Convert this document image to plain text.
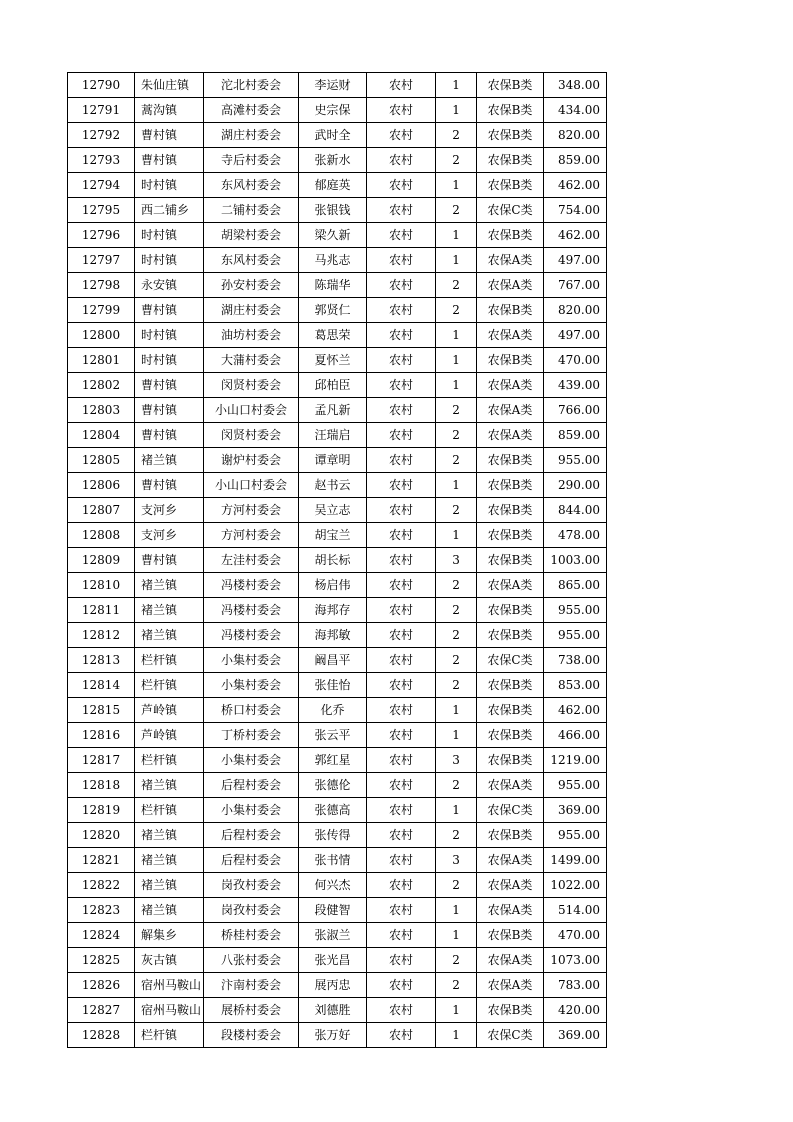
12790	朱仙庄镇	沱北村委会	李运财	农村	1	农保B类	348.00
12791	蒿沟镇	高滩村委会	史宗保	农村	1	农保B类	434.00
12792	曹村镇	湖庄村委会	武时全	农村	2	农保B类	820.00
12793	曹村镇	寺后村委会	张新水	农村	2	农保B类	859.00
12794	时村镇	东风村委会	郁庭英	农村	1	农保B类	462.00
12795	西二铺乡	二铺村委会	张银钱	农村	2	农保C类	754.00
12796	时村镇	胡梁村委会	梁久新	农村	1	农保B类	462.00
12797	时村镇	东风村委会	马兆志	农村	1	农保A类	497.00
12798	永安镇	孙安村委会	陈瑞华	农村	2	农保A类	767.00
12799	曹村镇	湖庄村委会	郭贤仁	农村	2	农保B类	820.00
12800	时村镇	油坊村委会	葛思荣	农村	1	农保A类	497.00
12801	时村镇	大蒲村委会	夏怀兰	农村	1	农保B类	470.00
12802	曹村镇	闵贤村委会	邱柏臣	农村	1	农保A类	439.00
12803	曹村镇	小山口村委会	孟凡新	农村	2	农保A类	766.00
12804	曹村镇	闵贤村委会	汪瑞启	农村	2	农保A类	859.00
12805	褚兰镇	谢炉村委会	谭章明	农村	2	农保B类	955.00
12806	曹村镇	小山口村委会	赵书云	农村	1	农保B类	290.00
12807	支河乡	方河村委会	吴立志	农村	2	农保B类	844.00
12808	支河乡	方河村委会	胡宝兰	农村	1	农保B类	478.00
12809	曹村镇	左洼村委会	胡长标	农村	3	农保B类	1003.00
12810	褚兰镇	冯楼村委会	杨启伟	农村	2	农保A类	865.00
12811	褚兰镇	冯楼村委会	海邦存	农村	2	农保B类	955.00
12812	褚兰镇	冯楼村委会	海邦敏	农村	2	农保B类	955.00
12813	栏杆镇	小集村委会	阚昌平	农村	2	农保C类	738.00
12814	栏杆镇	小集村委会	张佳怡	农村	2	农保B类	853.00
12815	芦岭镇	桥口村委会	化乔	农村	1	农保B类	462.00
12816	芦岭镇	丁桥村委会	张云平	农村	1	农保B类	466.00
12817	栏杆镇	小集村委会	郭红星	农村	3	农保B类	1219.00
12818	褚兰镇	后程村委会	张德伦	农村	2	农保A类	955.00
12819	栏杆镇	小集村委会	张德高	农村	1	农保C类	369.00
12820	褚兰镇	后程村委会	张传得	农村	2	农保B类	955.00
12821	褚兰镇	后程村委会	张书情	农村	3	农保A类	1499.00
12822	褚兰镇	岗孜村委会	何兴杰	农村	2	农保A类	1022.00
12823	褚兰镇	岗孜村委会	段健智	农村	1	农保A类	514.00
12824	解集乡	桥桂村委会	张淑兰	农村	1	农保B类	470.00
12825	灰古镇	八张村委会	张光昌	农村	2	农保A类	1073.00
12826	宿州马鞍山	汴南村委会	展丙忠	农村	2	农保A类	783.00
12827	宿州马鞍山	展桥村委会	刘德胜	农村	1	农保B类	420.00
12828	栏杆镇	段楼村委会	张万好	农村	1	农保C类	369.00
